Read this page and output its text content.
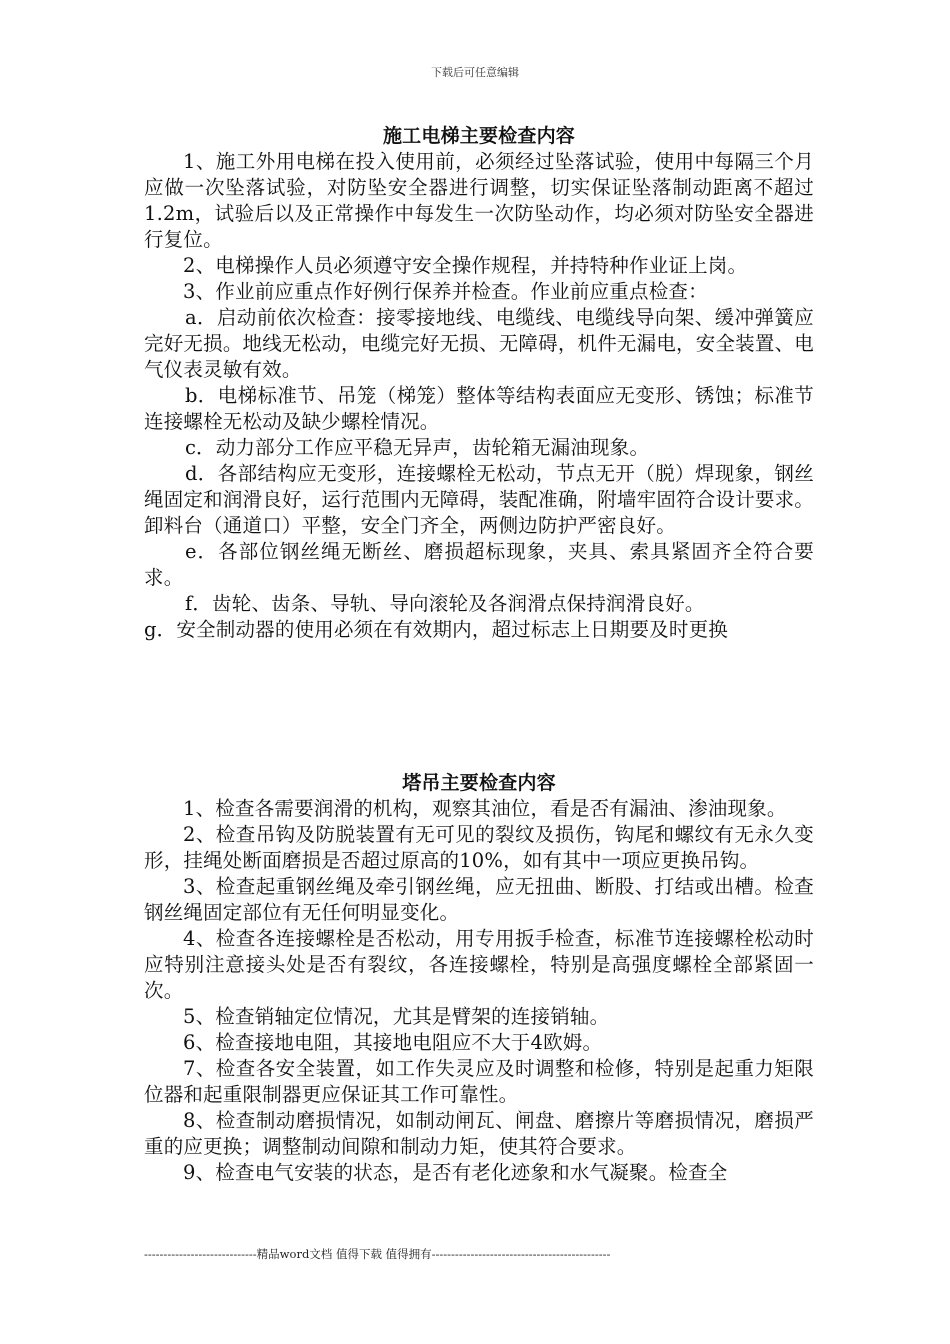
下载后可任意编辑
施工电梯主要检查内容

1、施工外用电梯在投入使用前，必须经过坠落试验，使用中每隔三个月应做一次坠落试验，对防坠安全器进行调整，切实保证坠落制动距离不超过1.2m，试验后以及正常操作中每发生一次防坠动作，均必须对防坠安全器进行复位。

2、电梯操作人员必须遵守安全操作规程，并持特种作业证上岗。

3、作业前应重点作好例行保养并检查。作业前应重点检查：

a．启动前依次检查：接零接地线、电缆线、电缆线导向架、缓冲弹簧应完好无损。地线无松动，电缆完好无损、无障碍，机件无漏电，安全装置、电气仪表灵敏有效。

b．电梯标准节、吊笼（梯笼）整体等结构表面应无变形、锈蚀；标准节连接螺栓无松动及缺少螺栓情况。

c．动力部分工作应平稳无异声，齿轮箱无漏油现象。

d．各部结构应无变形，连接螺栓无松动，节点无开（脱）焊现象，钢丝绳固定和润滑良好，运行范围内无障碍，装配准确，附墙牢固符合设计要求。卸料台（通道口）平整，安全门齐全，两侧边防护严密良好。

e．各部位钢丝绳无断丝、磨损超标现象，夹具、索具紧固齐全符合要求。

f．齿轮、齿条、导轨、导向滚轮及各润滑点保持润滑良好。

g．安全制动器的使用必须在有效期内，超过标志上日期要及时更换

塔吊主要检查内容

1、检查各需要润滑的机构，观察其油位，看是否有漏油、渗油现象。

2、检查吊钩及防脱装置有无可见的裂纹及损伤，钩尾和螺纹有无永久变形，挂绳处断面磨损是否超过原高的10%，如有其中一项应更换吊钩。

3、检查起重钢丝绳及牵引钢丝绳，应无扭曲、断股、打结或出槽。检查钢丝绳固定部位有无任何明显变化。

4、检查各连接螺栓是否松动，用专用扳手检查，标准节连接螺栓松动时应特别注意接头处是否有裂纹，各连接螺栓，特别是高强度螺栓全部紧固一次。

5、检查销轴定位情况，尤其是臂架的连接销轴。

6、检查接地电阻，其接地电阻应不大于4欧姆。

7、检查各安全装置，如工作失灵应及时调整和检修，特别是起重力矩限位器和起重限制器更应保证其工作可靠性。

8、检查制动磨损情况，如制动闸瓦、闸盘、磨擦片等磨损情况，磨损严重的应更换；调整制动间隙和制动力矩，使其符合要求。

9、检查电气安装的状态，是否有老化迹象和水气凝聚。检查全

-----------------------------精品word文档 值得下载 值得拥有----------------------------------------------
